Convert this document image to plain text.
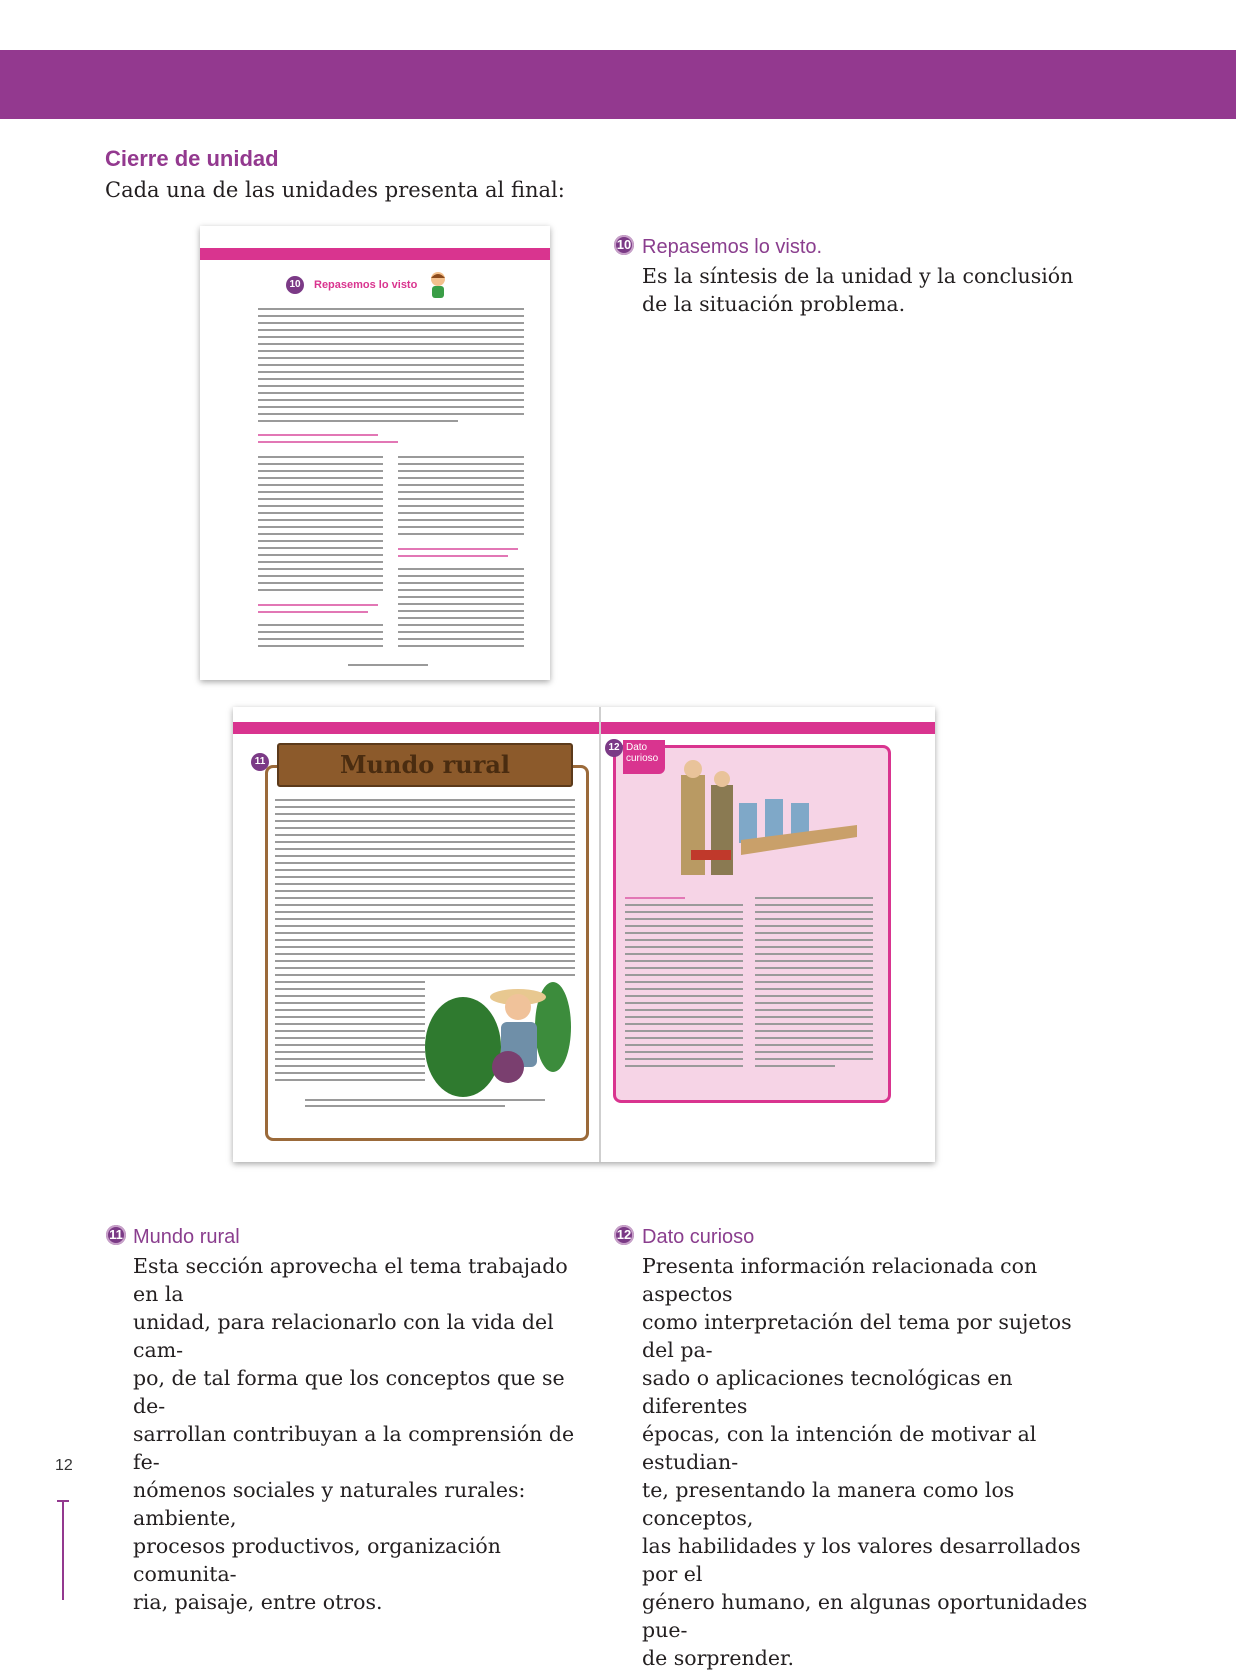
Cierre de unidad
Cada una de las unidades presenta al final:
10	Repasemos lo visto
11	Mundo rural
12 Dato
curioso
10 Repasemos lo visto.
Es la síntesis de la unidad y la conclusión
de la situación problema.
11 Mundo rural
Esta sección aprovecha el tema trabajado en la
unidad, para relacionarlo con la vida del cam-
po, de tal forma que los conceptos que se de-
sarrollan contribuyan a la comprensión de fe-
nómenos sociales y naturales rurales: ambiente,
procesos productivos, organización comunita-
ria, paisaje, entre otros.
12 Dato curioso
Presenta información relacionada con aspectos
como interpretación del tema por sujetos del pa-
sado o aplicaciones tecnológicas en diferentes
épocas, con la intención de motivar al estudian-
te, presentando la manera como los conceptos,
las habilidades y los valores desarrollados por el
género humano, en algunas oportunidades pue-
de sorprender.
12
